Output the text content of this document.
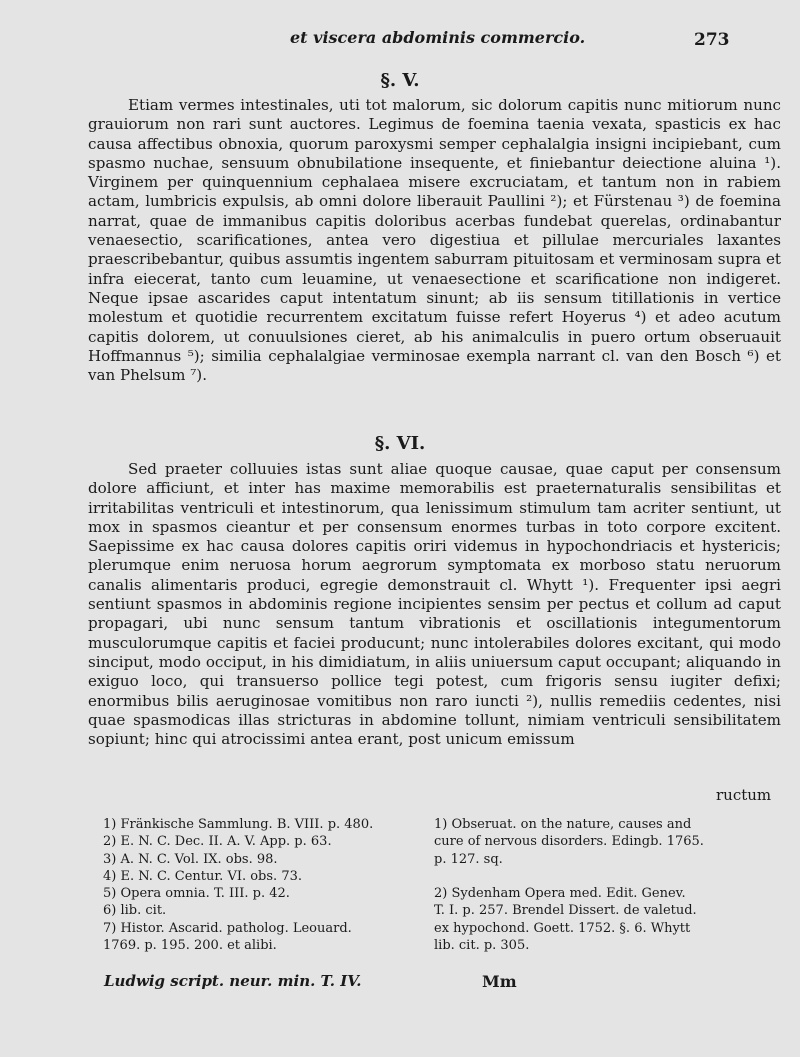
et viscera abdominis commercio.	273
§. V.

Etiam vermes intestinales, uti tot malorum, sic dolorum capitis nunc mitiorum nunc grauiorum non rari sunt auctores. Legimus de foemina taenia vexata, spasticis ex hac causa affectibus obnoxia, quorum paroxysmi semper cephalalgia insigni incipiebant, cum spasmo nuchae, sensuum obnubilatione insequente, et finiebantur deiectione aluina ¹). Virginem per quinquennium cephalaea misere excruciatam, et tantum non in rabiem actam, lumbricis expulsis, ab omni dolore liberauit Paullini ²); et Fürstenau ³) de foemina narrat, quae de immanibus capitis doloribus acerbas fundebat querelas, ordinabantur venaesectio, scarificationes, antea vero digestiua et pillulae mercuriales laxantes praescribebantur, quibus assumtis ingentem saburram pituitosam et verminosam supra et infra eiecerat, tanto cum leuamine, ut venaesectione et scarificatione non indigeret. Neque ipsae ascarides caput intentatum sinunt; ab iis sensum titillationis in vertice molestum et quotidie recurrentem excitatum fuisse refert Hoyerus ⁴) et adeo acutum capitis dolorem, ut conuulsiones cieret, ab his animalculis in puero ortum obseruauit Hoffmannus ⁵); similia cephalalgiae verminosae exempla narrant cl. van den Bosch ⁶) et van Phelsum ⁷).

§. VI.

Sed praeter colluuies istas sunt aliae quoque causae, quae caput per consensum dolore afficiunt, et inter has maxime memorabilis est praeternaturalis sensibilitas et irritabilitas ventriculi et intestinorum, qua lenissimum stimulum tam acriter sentiunt, ut mox in spasmos cieantur et per consensum enormes turbas in toto corpore excitent. Saepissime ex hac causa dolores capitis oriri videmus in hypochondriacis et hystericis; plerumque enim neruosa horum aegrorum symptomata ex morboso statu neruorum canalis alimentaris produci, egregie demonstrauit cl. Whytt ¹). Frequenter ipsi aegri sentiunt spasmos in abdominis regione incipientes sensim per pectus et collum ad caput propagari, ubi nunc sensum tantum vibrationis et oscillationis integumentorum musculorumque capitis et faciei producunt; nunc intolerabiles dolores excitant, qui modo sinciput, modo occiput, in his dimidiatum, in aliis uniuersum caput occupant; aliquando in exiguo loco, qui transuerso pollice tegi potest, cum frigoris sensu iugiter defixi; enormibus bilis aeruginosae vomitibus non raro iuncti ²), nullis remediis cedentes, nisi quae spasmodicas illas stricturas in abdomine tollunt, nimiam ventriculi sensibilitatem sopiunt; hinc qui atrocissimi antea erant, post unicum emissum

ructum
1) Fränkische Sammlung. B. VIII. p. 480.
2) E. N. C. Dec. II. A. V. App. p. 63.
3) A. N. C. Vol. IX. obs. 98.
4) E. N. C. Centur. VI. obs. 73.
5) Opera omnia. T. III. p. 42.
6) lib. cit.
7) Histor. Ascarid. patholog. Leouard.
1769. p. 195. 200. et alibi.
1) Obseruat. on the nature, causes and
cure of nervous disorders. Edingb. 1765.
p. 127. sq.

2) Sydenham Opera med. Edit. Genev.
T. I. p. 257. Brendel Dissert. de valetud.
ex hypochond. Goett. 1752. §. 6. Whytt
lib. cit. p. 305.
Ludwig script. neur. min. T. IV.	Mm
